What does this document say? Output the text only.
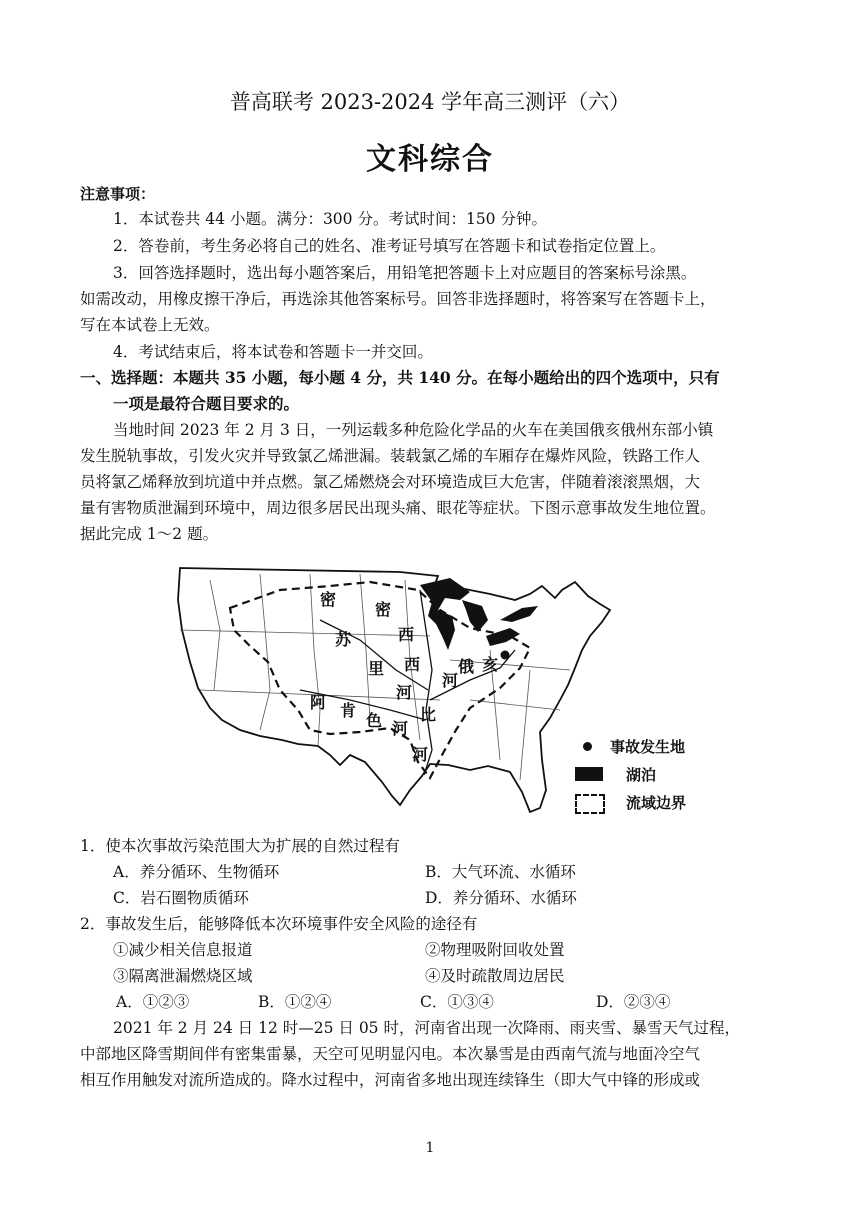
普高联考 2023-2024 学年高三测评（六）
文科综合
注意事项：
1．本试卷共 44 小题。满分：300 分。考试时间：150 分钟。
2．答卷前，考生务必将自己的姓名、准考证号填写在答题卡和试卷指定位置上。
3．回答选择题时，选出每小题答案后，用铅笔把答题卡上对应题目的答案标号涂黑。
如需改动，用橡皮擦干净后，再选涂其他答案标号。回答非选择题时，将答案写在答题卡上，
写在本试卷上无效。
4．考试结束后，将本试卷和答题卡一并交回。
一、选择题：本题共 35 小题，每小题 4 分，共 140 分。在每小题给出的四个选项中，只有
一项是最符合题目要求的。
当地时间 2023 年 2 月 3 日，一列运载多种危险化学品的火车在美国俄亥俄州东部小镇
发生脱轨事故，引发火灾并导致氯乙烯泄漏。装载氯乙烯的车厢存在爆炸风险，铁路工作人
员将氯乙烯释放到坑道中并点燃。氯乙烯燃烧会对环境造成巨大危害，伴随着滚滚黑烟，大
量有害物质泄漏到环境中，周边很多居民出现头痛、眼花等症状。下图示意事故发生地位置。
据此完成 1～2 题。
密
密
苏	西
里 西
河
俄 亥
河
阿 肯
色 比
河
河	事故发生地
湖泊
流域边界
1．使本次事故污染范围大为扩展的自然过程有
A．养分循环、生物循环	B．大气环流、水循环
C．岩石圈物质循环	D．养分循环、水循环
2．事故发生后，能够降低本次环境事件安全风险的途径有
①减少相关信息报道	②物理吸附回收处置
③隔离泄漏燃烧区域	④及时疏散周边居民
A．①②③	B．①②④	C．①③④	D．②③④
2021 年 2 月 24 日 12 时—25 日 05 时，河南省出现一次降雨、雨夹雪、暴雪天气过程，
中部地区降雪期间伴有密集雷暴，天空可见明显闪电。本次暴雪是由西南气流与地面冷空气
相互作用触发对流所造成的。降水过程中，河南省多地出现连续锋生（即大气中锋的形成或
1
